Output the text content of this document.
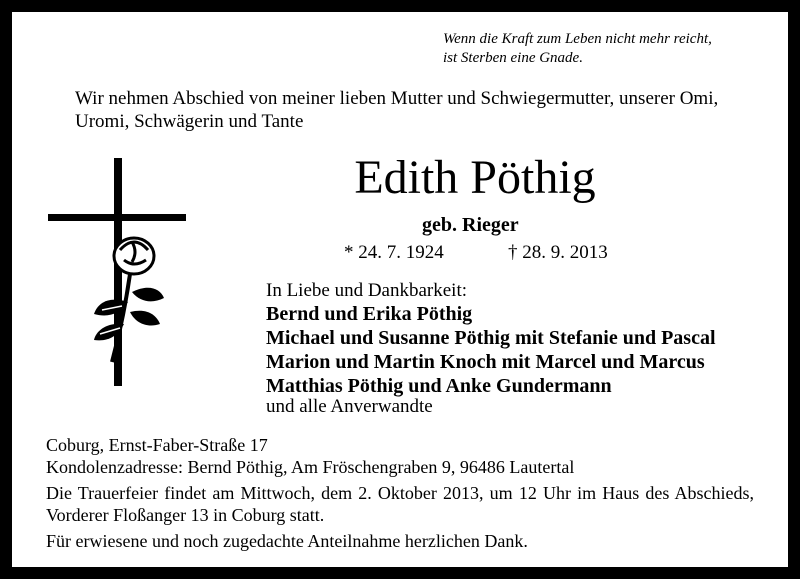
Wenn die Kraft zum Leben nicht mehr reicht,
ist Sterben eine Gnade.
Wir nehmen Abschied von meiner lieben Mutter und Schwiegermutter, unserer Omi,
Uromi, Schwägerin und Tante
Edith Pöthig
geb. Rieger
* 24. 7. 1924	† 28. 9. 2013
In Liebe und Dankbarkeit:
Bernd und Erika Pöthig
Michael und Susanne Pöthig mit Stefanie und Pascal
Marion und Martin Knoch mit Marcel und Marcus
Matthias Pöthig und Anke Gundermann
und alle Anverwandte
Coburg, Ernst-Faber-Straße 17
Kondolenzadresse: Bernd Pöthig, Am Fröschengraben 9, 96486 Lautertal
Die Trauerfeier findet am Mittwoch, dem 2. Oktober 2013, um 12 Uhr im Haus des Abschieds, Vorderer Floßanger 13 in Coburg statt.
Für erwiesene und noch zugedachte Anteilnahme herzlichen Dank.
